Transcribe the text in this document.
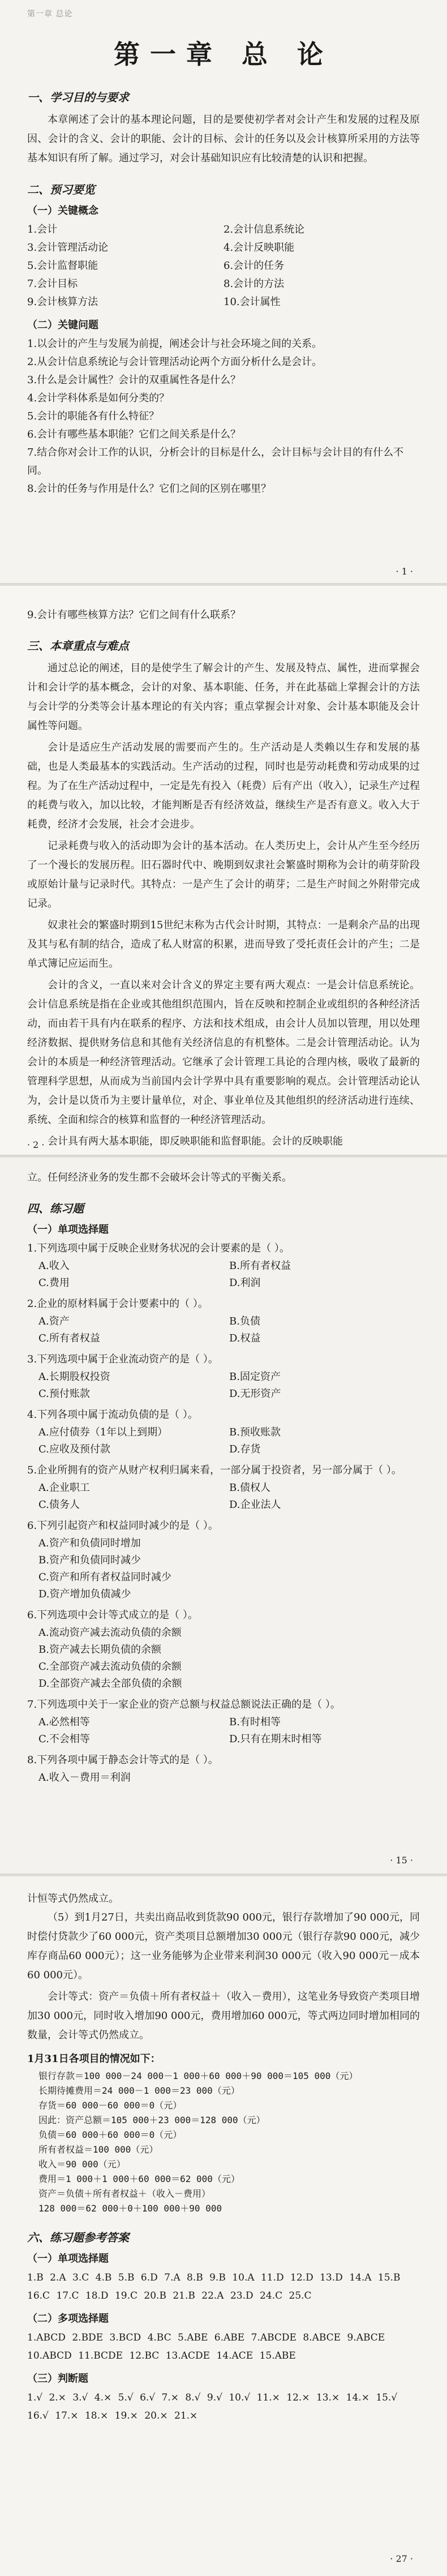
第一章 总论
第一章 总 论
一、学习目的与要求

本章阐述了会计的基本理论问题，目的是要使初学者对会计产生和发展的过程及原因、会计的含义、会计的职能、会计的目标、会计的任务以及会计核算所采用的方法等基本知识有所了解。通过学习，对会计基础知识应有比较清楚的认识和把握。

二、预习要览
（一）关键概念
1.会计	2.会计信息系统论
3.会计管理活动论	4.会计反映职能
5.会计监督职能	6.会计的任务
7.会计目标	8.会计的方法
9.会计核算方法	10.会计属性
（二）关键问题

1.以会计的产生与发展为前提，阐述会计与社会环境之间的关系。

2.从会计信息系统论与会计管理活动论两个方面分析什么是会计。

3.什么是会计属性？会计的双重属性各是什么？

4.会计学科体系是如何分类的？

5.会计的职能各有什么特征？

6.会计有哪些基本职能？它们之间关系是什么？

7.结合你对会计工作的认识，分析会计的目标是什么，会计目标与会计目的有什么不同。

8.会计的任务与作用是什么？它们之间的区别在哪里？

· 1 ·

9.会计有哪些核算方法？它们之间有什么联系？

三、本章重点与难点

通过总论的阐述，目的是使学生了解会计的产生、发展及特点、属性，进而掌握会计和会计学的基本概念，会计的对象、基本职能、任务，并在此基础上掌握会计的方法与会计学的分类等会计基本理论的有关内容；重点掌握会计对象、会计基本职能及会计属性等问题。

会计是适应生产活动发展的需要而产生的。生产活动是人类赖以生存和发展的基础，也是人类最基本的实践活动。生产活动的过程，同时也是劳动耗费和劳动成果的过程。为了在生产活动过程中，一定是先有投入（耗费）后有产出（收入），记录生产过程的耗费与收入，加以比较，才能判断是否有经济效益，继续生产是否有意义。收入大于耗费，经济才会发展，社会才会进步。

记录耗费与收入的活动即为会计的基本活动。在人类历史上，会计从产生至今经历了一个漫长的发展历程。旧石器时代中、晚期到奴隶社会繁盛时期称为会计的萌芽阶段或原始计量与记录时代。其特点：一是产生了会计的萌芽；二是生产时间之外附带完成记录。

奴隶社会的繁盛时期到15世纪末称为古代会计时期，其特点：一是剩余产品的出现及其与私有制的结合，造成了私人财富的积累，进而导致了受托责任会计的产生；二是单式簿记应运而生。

会计的含义，一直以来对会计含义的界定主要有两大观点：一是会计信息系统论。会计信息系统是指在企业或其他组织范围内，旨在反映和控制企业或组织的各种经济活动，而由若干具有内在联系的程序、方法和技术组成，由会计人员加以管理，用以处理经济数据、提供财务信息和其他有关经济信息的有机整体。二是会计管理活动论。认为会计的本质是一种经济管理活动。它继承了会计管理工具论的合理内核，吸收了最新的管理科学思想，从而成为当前国内会计学界中具有重要影响的观点。会计管理活动论认为，会计是以货币为主要计量单位，对企、事业单位及其他组织的经济活动进行连续、系统、全面和综合的核算和监督的一种经济管理活动。

会计具有两大基本职能，即反映职能和监督职能。会计的反映职能

· 2 ·

立。任何经济业务的发生都不会破坏会计等式的平衡关系。

四、练习题
（一）单项选择题

1.下列选项中属于反映企业财务状况的会计要素的是（ ）。

A.收入	B.所有者权益
C.费用	D.利润

2.企业的原材料属于会计要素中的（ ）。

A.资产	B.负债
C.所有者权益	D.权益

3.下列选项中属于企业流动资产的是（ ）。

A.长期股权投资	B.固定资产
C.预付账款	D.无形资产

4.下列各项中属于流动负债的是（ ）。

A.应付债券（1年以上到期）	B.预收账款
C.应收及预付款	D.存货

5.企业所拥有的资产从财产权利归属来看，一部分属于投资者，另一部分属于（ ）。

A.企业职工	B.债权人
C.债务人	D.企业法人

6.下列引起资产和权益同时减少的是（ ）。

A.资产和负债同时增加
B.资产和负债同时减少
C.资产和所有者权益同时减少
D.资产增加负债减少

6.下列选项中会计等式成立的是（ ）。

A.流动资产减去流动负债的余额
B.资产减去长期负债的余额
C.全部资产减去流动负债的余额
D.全部资产减去全部负债的余额

7.下列选项中关于一家企业的资产总额与权益总额说法正确的是（ ）。

A.必然相等	B.有时相等
C.不会相等	D.只有在期末时相等

8.下列各项中属于静态会计等式的是（ ）。

A.收入－费用＝利润
· 15 ·

计恒等式仍然成立。

（5）到1月27日，共卖出商品收到货款90 000元，银行存款增加了90 000元，同时偿付贷款少了60 000元，资产类项目总额增加30 000元（银行存款90 000元，减少库存商品60 000元）；这一业务能够为企业带来利润30 000元（收入90 000元－成本60 000元）。

会计等式：资产＝负债＋所有者权益＋（收入－费用），这笔业务导致资产类项目增加30 000元，同时收入增加90 000元，费用增加60 000元，等式两边同时增加相同的数量，会计等式仍然成立。

1月31日各项目的情况如下：

银行存款＝100 000－24 000－1 000＋60 000＋90 000＝105 000（元）

长期待摊费用＝24 000－1 000＝23 000（元）

存货＝60 000－60 000＝0（元）

因此：资产总额＝105 000＋23 000＝128 000（元）

负债＝60 000＋60 000＝0（元）

所有者权益＝100 000（元）

收入＝90 000（元）

费用＝1 000＋1 000＋60 000＝62 000（元）

资产＝负债＋所有者权益＋（收入－费用）

128 000＝62 000＋0＋100 000＋90 000

六、练习题参考答案
（一）单项选择题

1.B 2.A 3.C 4.B 5.B 6.D 7.A 8.B 9.B 10.A 11.D 12.D 13.D 14.A 15.B 16.C 17.C 18.D 19.C 20.B 21.B 22.A 23.D 24.C 25.C

（二）多项选择题

1.ABCD 2.BDE 3.BCD 4.BC 5.ABE 6.ABE 7.ABCDE 8.ABCE 9.ABCE 10.ABCD 11.BCDE 12.BC 13.ACDE 14.ACE 15.ABE

（三）判断题

1.√ 2.× 3.√ 4.× 5.√ 6.√ 7.× 8.√ 9.√ 10.√ 11.× 12.× 13.× 14.× 15.√ 16.√ 17.× 18.× 19.× 20.× 21.×

· 27 ·
